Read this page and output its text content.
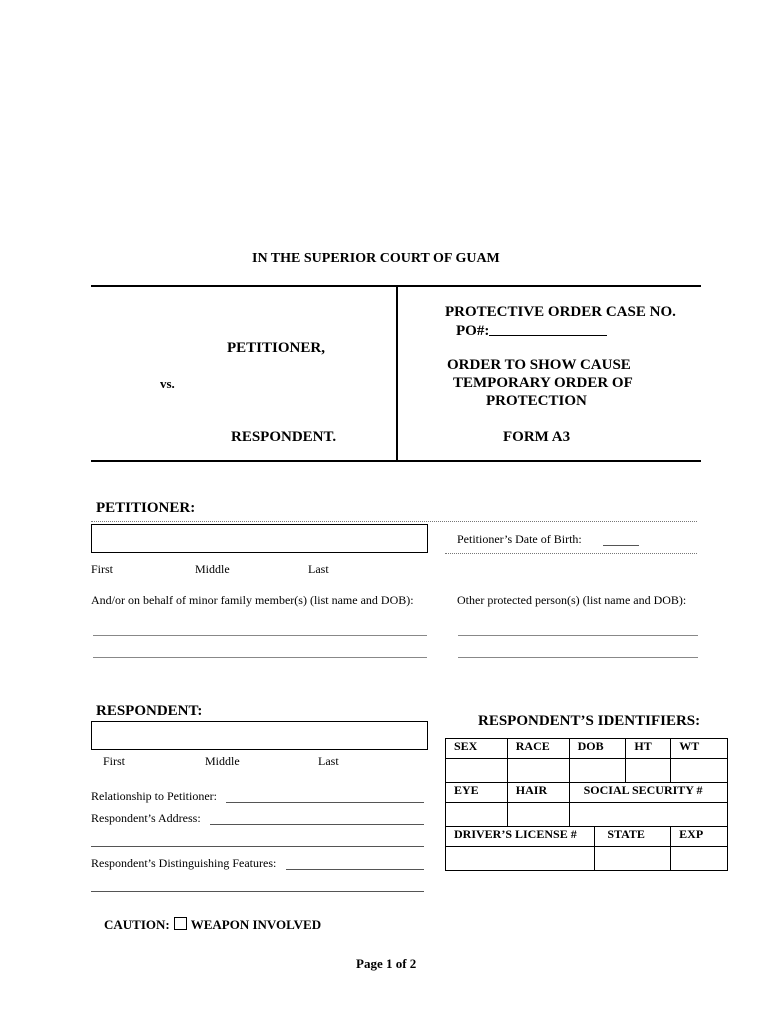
IN THE SUPERIOR COURT OF GUAM
PETITIONER,
vs.
RESPONDENT.
PROTECTIVE ORDER CASE NO.
PO#:
ORDER TO SHOW CAUSE
TEMPORARY ORDER OF
PROTECTION
FORM A3
PETITIONER:
Petitioner’s Date of Birth:
First	Middle	Last
And/or on behalf of minor family member(s) (list name and DOB):	Other protected person(s) (list name and DOB):
RESPONDENT:
First	Middle	Last
Relationship to Petitioner:
Respondent’s Address:
Respondent’s Distinguishing Features:
RESPONDENT’S IDENTIFIERS:
SEX	RACE	DOB	HT	WT

EYE	HAIR	SOCIAL SECURITY #

DRIVER’S LICENSE #	STATE	EXP

CAUTION: WEAPON INVOLVED
Page 1 of 2
